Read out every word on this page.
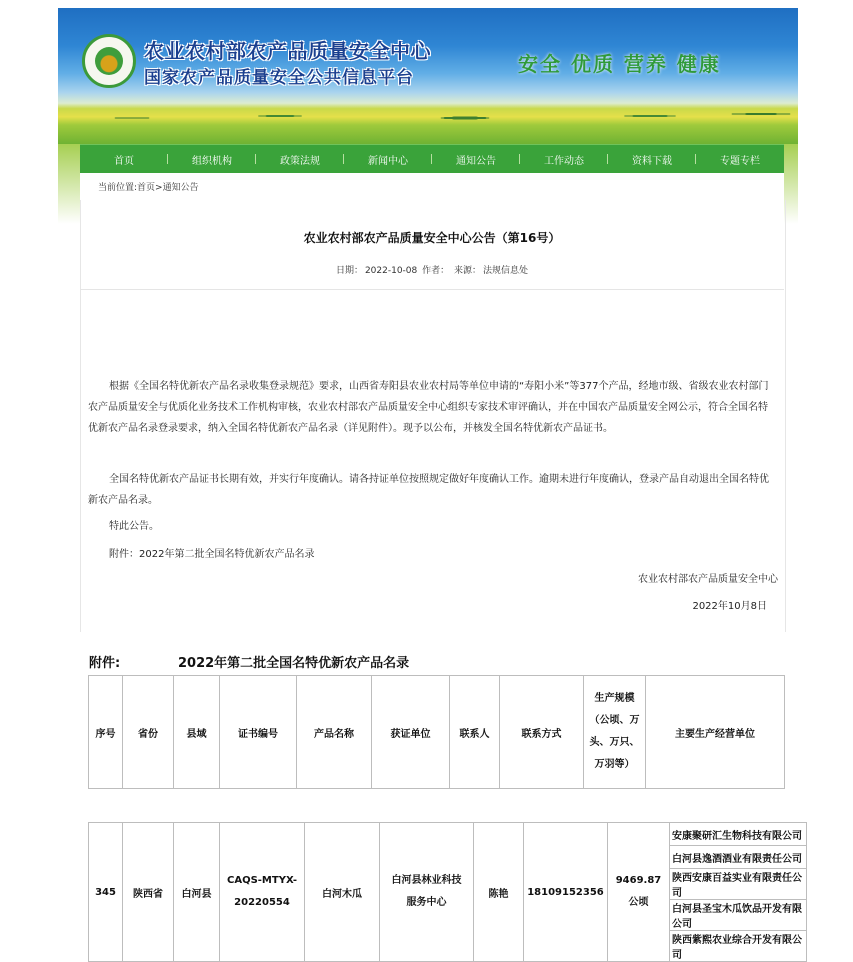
农业农村部农产品质量安全中心
国家农产品质量安全公共信息平台
安全 优质 营养 健康
首页	组织机构	政策法规	新闻中心	通知公告	工作动态	资料下载	专题专栏
当前位置:首页>通知公告
农业农村部农产品质量安全中心公告（第16号）
日期： 2022-10-08 作者： 来源： 法规信息处

根据《全国名特优新农产品名录收集登录规范》要求，山西省寿阳县农业农村局等单位申请的“寿阳小米”等377个产品，经地市级、省级农业农村部门农产品质量安全与优质化业务技术工作机构审核，农业农村部农产品质量安全中心组织专家技术审评确认，并在中国农产品质量安全网公示，符合全国名特优新农产品名录登录要求，纳入全国名特优新农产品名录（详见附件）。现予以公布，并核发全国名特优新农产品证书。

全国名特优新农产品证书长期有效，并实行年度确认。请各持证单位按照规定做好年度确认工作。逾期未进行年度确认，登录产品自动退出全国名特优新农产品名录。

特此公告。

附件：2022年第二批全国名特优新农产品名录

农业农村部农产品质量安全中心
2022年10月8日
附件:	2022年第二批全国名特优新农产品名录
序号	省份	县域	证书编号	产品名称	获证单位	联系人	联系方式	生产规模（公顷、万头、万只、万羽等）	主要生产经营单位
345	陕西省	白河县	CAQS-MTYX-20220554	白河木瓜	白河县林业科技服务中心	陈艳	18109152356	9469.87公顷	安康聚研汇生物科技有限公司
白河县逸酒酒业有限责任公司
陕西安康百益实业有限责任公司
白河县圣宝木瓜饮品开发有限公司
陕西紫熙农业综合开发有限公司
